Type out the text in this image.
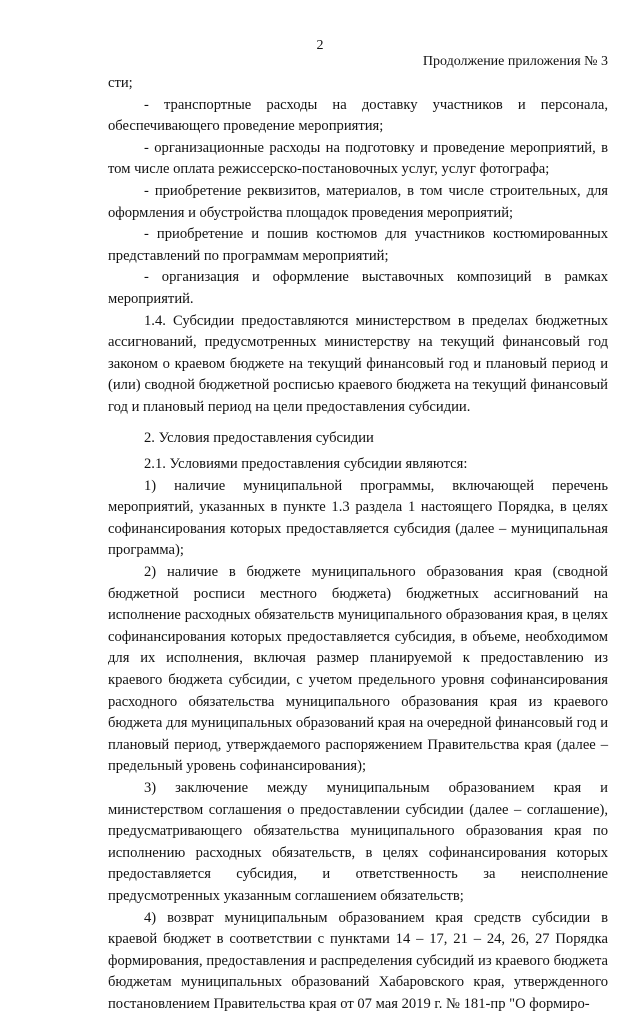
2
Продолжение приложения № 3

сти;

- транспортные расходы на доставку участников и персонала, обеспечивающего проведение мероприятия;

- организационные расходы на подготовку и проведение мероприятий, в том числе оплата режиссерско-постановочных услуг, услуг фотографа;

- приобретение реквизитов, материалов, в том числе строительных, для оформления и обустройства площадок проведения мероприятий;

- приобретение и пошив костюмов для участников костюмированных представлений по программам мероприятий;

- организация и оформление выставочных композиций в рамках мероприятий.

1.4. Субсидии предоставляются министерством в пределах бюджетных ассигнований, предусмотренных министерству на текущий финансовый год законом о краевом бюджете на текущий финансовый год и плановый период и (или) сводной бюджетной росписью краевого бюджета на текущий финансовый год и плановый период на цели предоставления субсидии.

2. Условия предоставления субсидии

2.1. Условиями предоставления субсидии являются:

1) наличие муниципальной программы, включающей перечень мероприятий, указанных в пункте 1.3 раздела 1 настоящего Порядка, в целях софинансирования которых предоставляется субсидия (далее – муниципальная программа);

2) наличие в бюджете муниципального образования края (сводной бюджетной росписи местного бюджета) бюджетных ассигнований на исполнение расходных обязательств муниципального образования края, в целях софинансирования которых предоставляется субсидия, в объеме, необходимом для их исполнения, включая размер планируемой к предоставлению из краевого бюджета субсидии, с учетом предельного уровня софинансирования расходного обязательства муниципального образования края из краевого бюджета для муниципальных образований края на очередной финансовый год и плановый период, утверждаемого распоряжением Правительства края (далее – предельный уровень софинансирования);

3) заключение между муниципальным образованием края и министерством соглашения о предоставлении субсидии (далее – соглашение), предусматривающего обязательства муниципального образования края по исполнению расходных обязательств, в целях софинансирования которых предоставляется субсидия, и ответственность за неисполнение предусмотренных указанным соглашением обязательств;

4) возврат муниципальным образованием края средств субсидии в краевой бюджет в соответствии с пунктами 14 – 17, 21 – 24, 26, 27 Порядка формирования, предоставления и распределения субсидий из краевого бюджета бюджетам муниципальных образований Хабаровского края, утвержденного постановлением Правительства края от 07 мая 2019 г. № 181-пр "О формиро-
